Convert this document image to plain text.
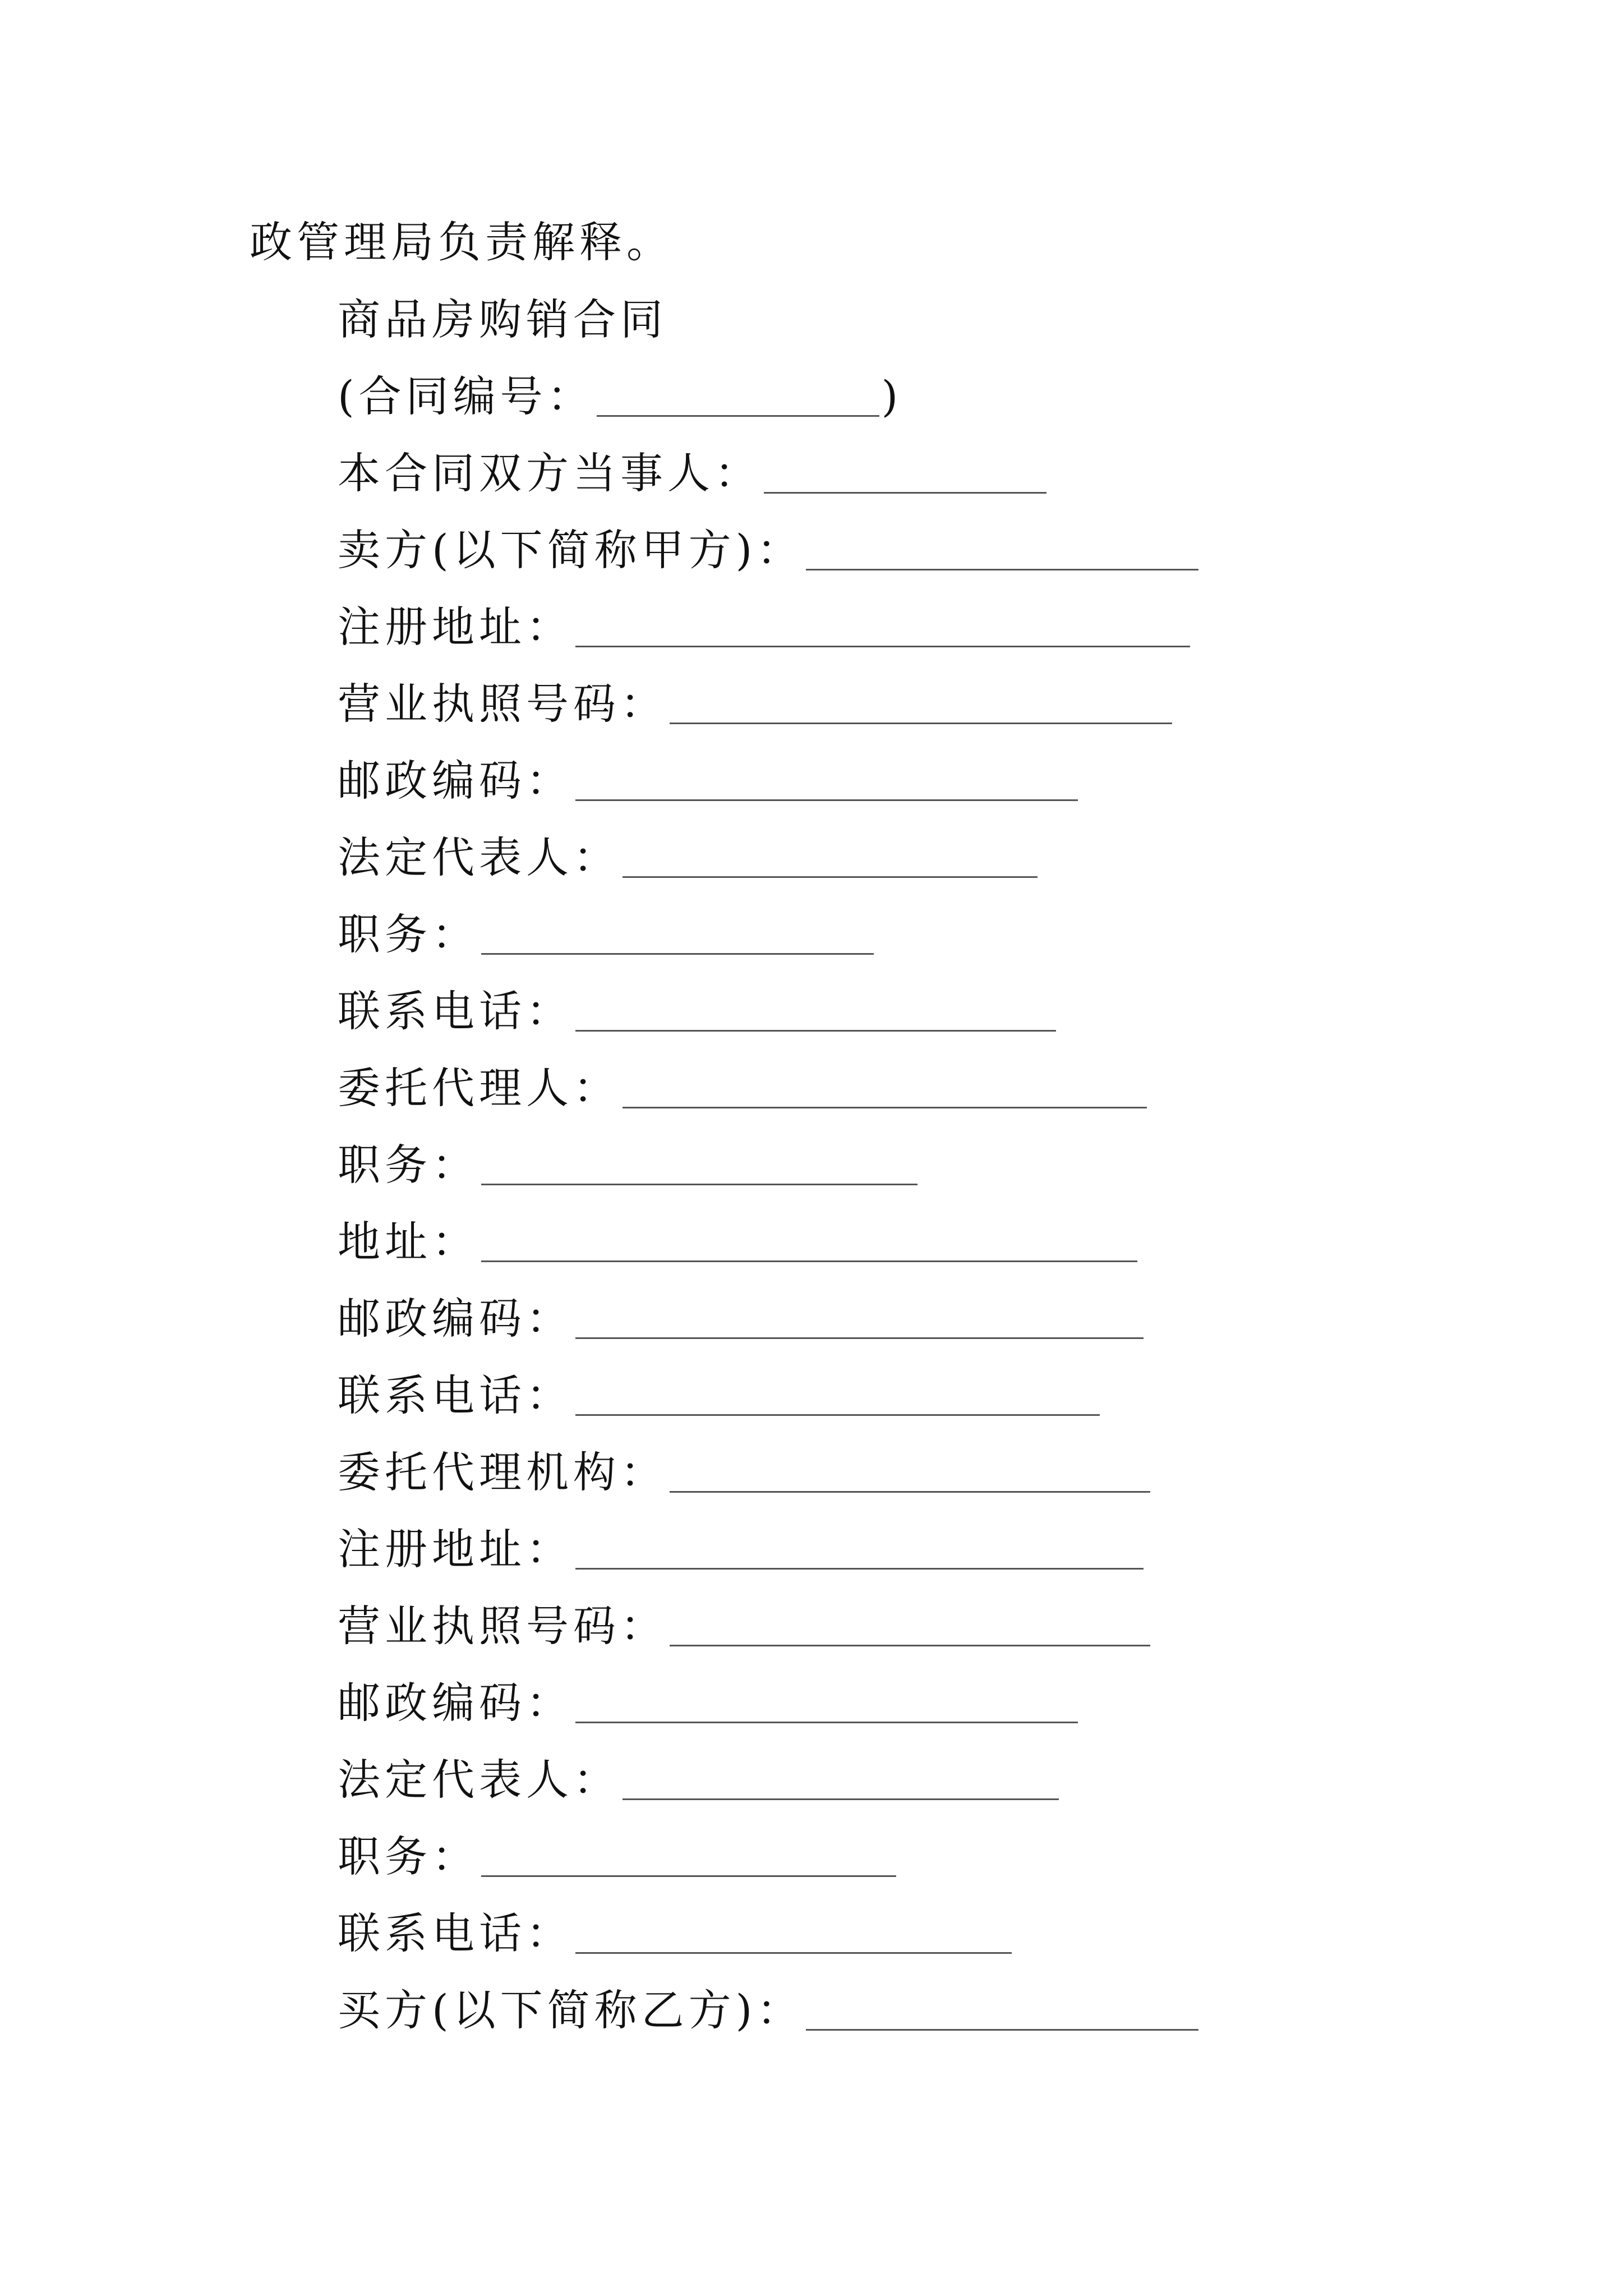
政管理局负责解释。
商品房购销合同
(合同编号：	)
本合同双方当事人：
卖方(以下简称甲方)：
注册地址：
营业执照号码：
邮政编码：
法定代表人：
职务：
联系电话：
委托代理人：
职务：
地址：
邮政编码：
联系电话：
委托代理机构：
注册地址：
营业执照号码：
邮政编码：
法定代表人：
职务：
联系电话：
买方(以下简称乙方)：
